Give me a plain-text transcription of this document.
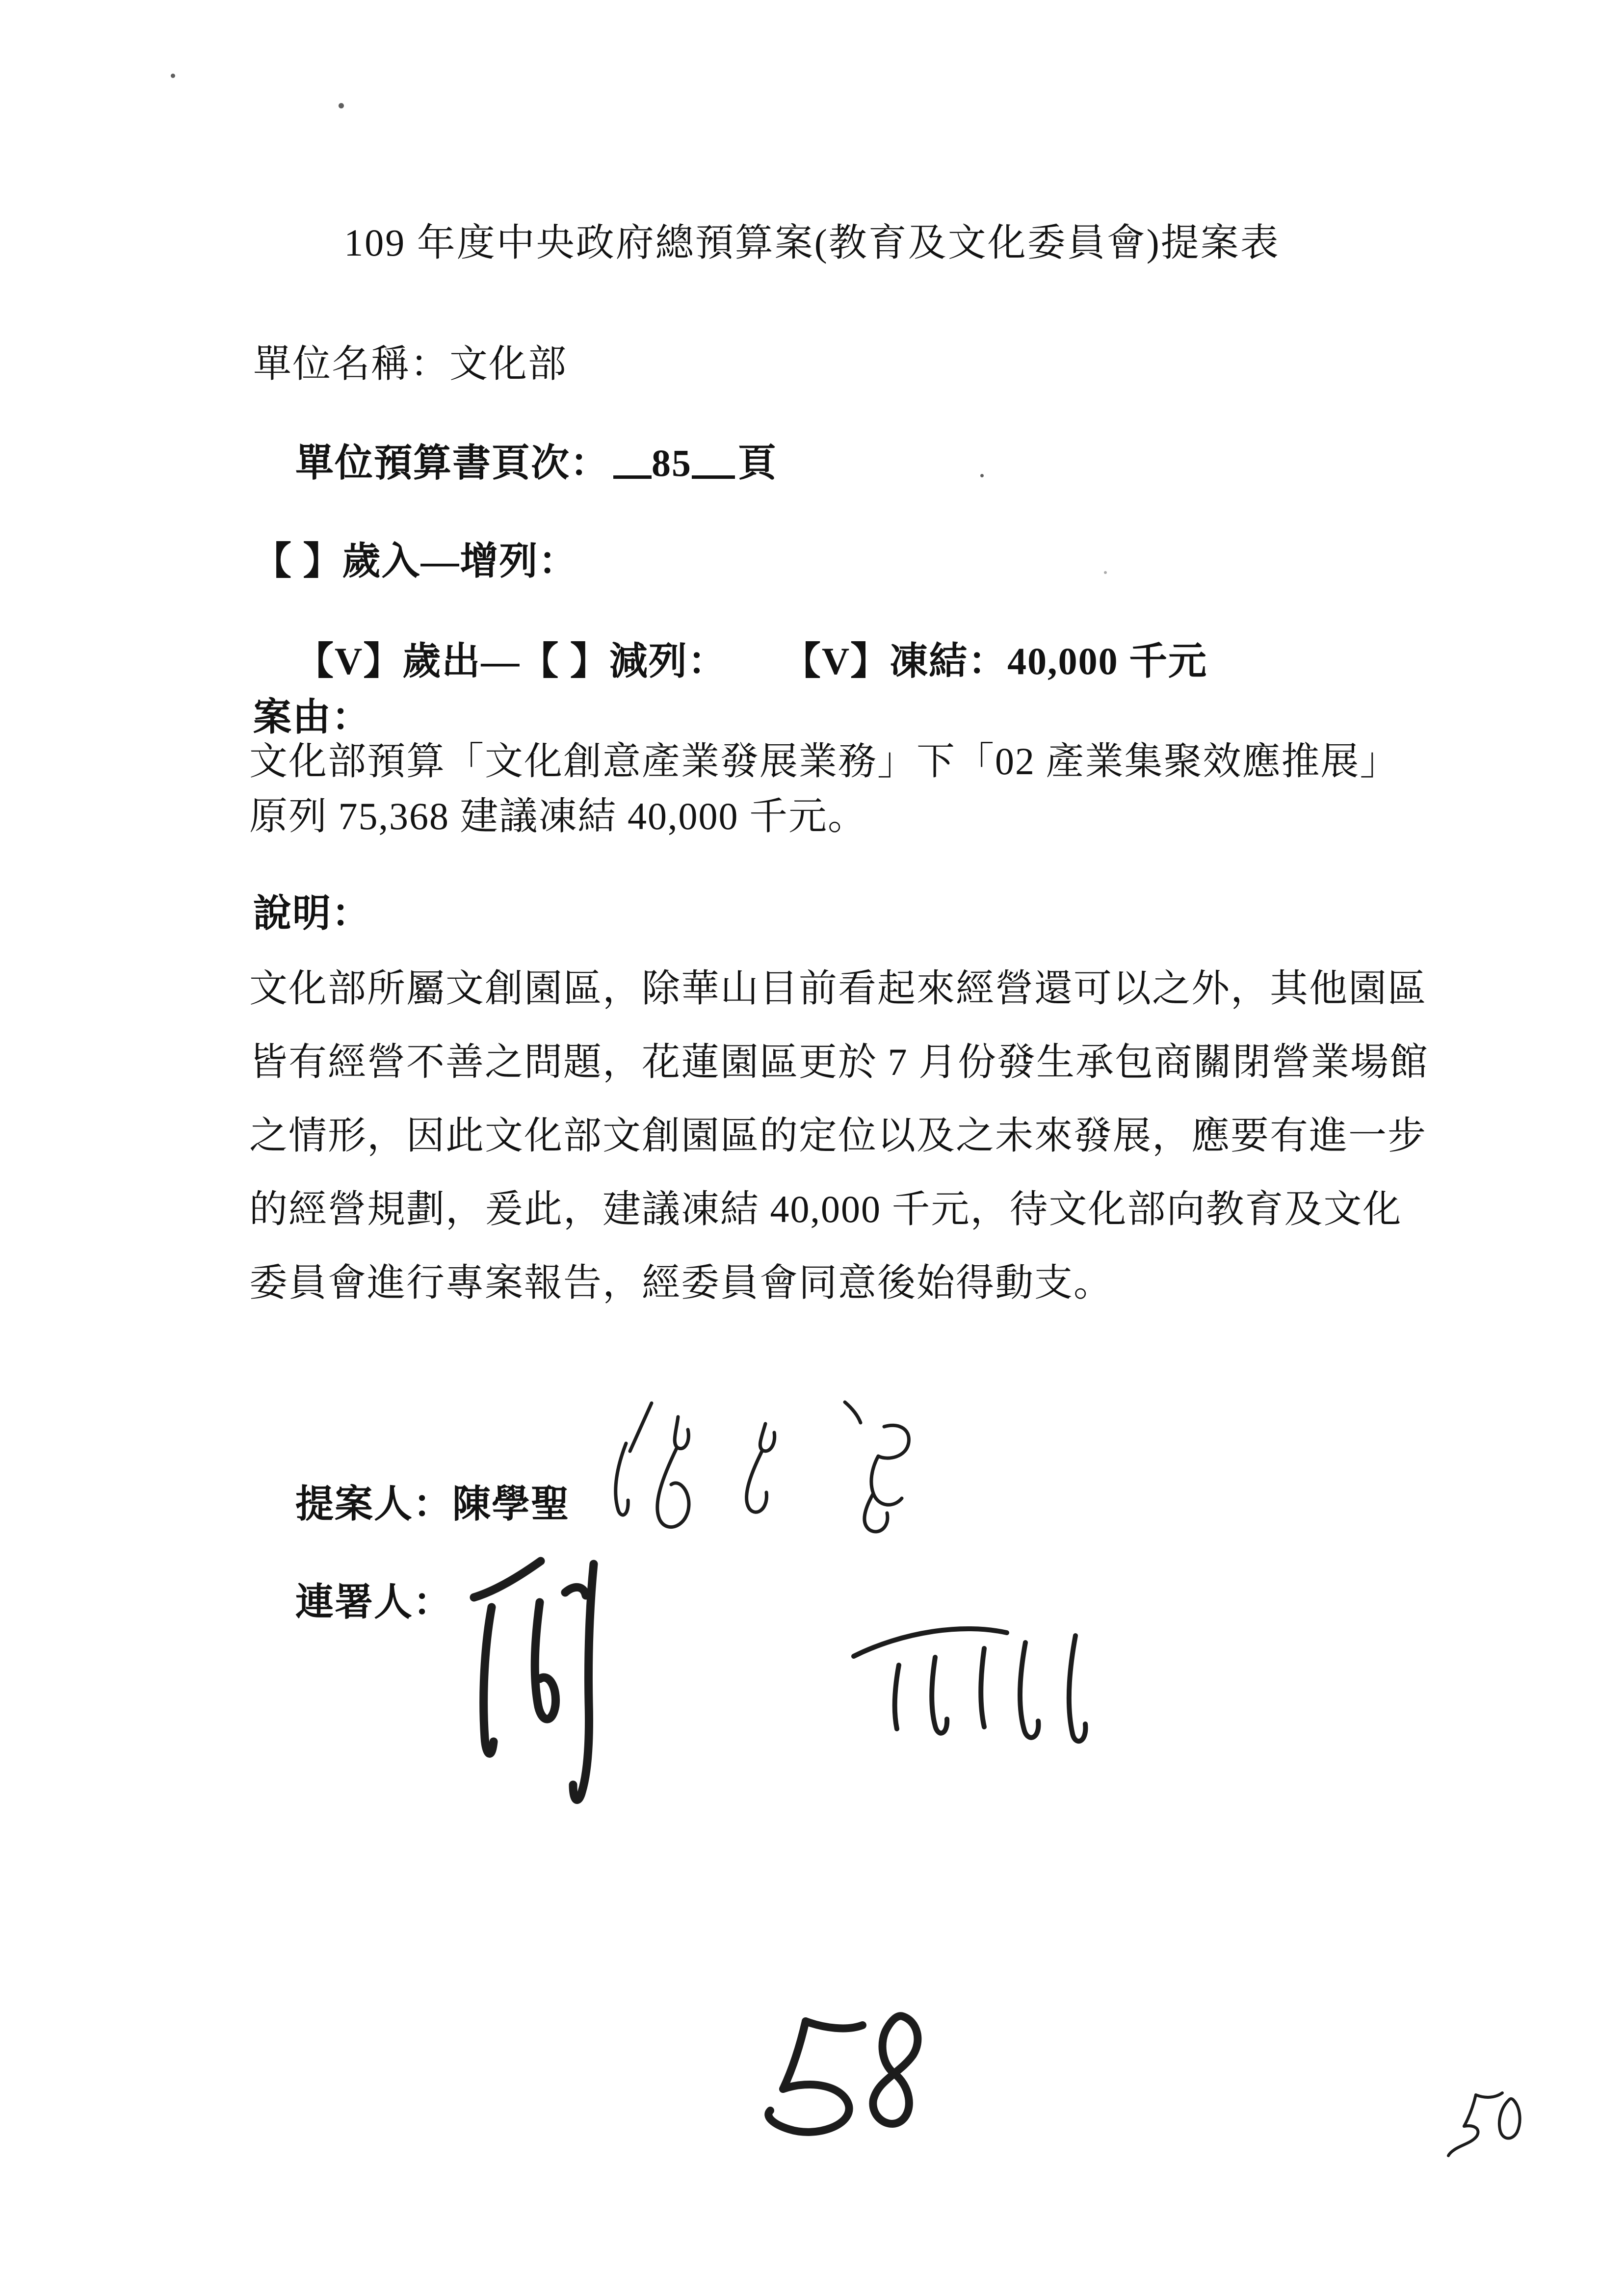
109 年度中央政府總預算案(教育及文化委員會)提案表
單位名稱：文化部

單位預算書頁次： 85 頁

【 】歲入—增列：

【V】歲出—【 】減列： 【V】凍結：40,000 千元

案由：
文化部預算「文化創意產業發展業務」下「02 產業集聚效應推展」
原列 75,368 建議凍結 40,000 千元。
說明：
文化部所屬文創園區，除華山目前看起來經營還可以之外，其他園區
皆有經營不善之問題，花蓮園區更於 7 月份發生承包商關閉營業場館
之情形，因此文化部文創園區的定位以及之未來發展，應要有進一步
的經營規劃，爰此，建議凍結 40,000 千元，待文化部向教育及文化
委員會進行專案報告，經委員會同意後始得動支。

提案人：陳學聖

連署人：
